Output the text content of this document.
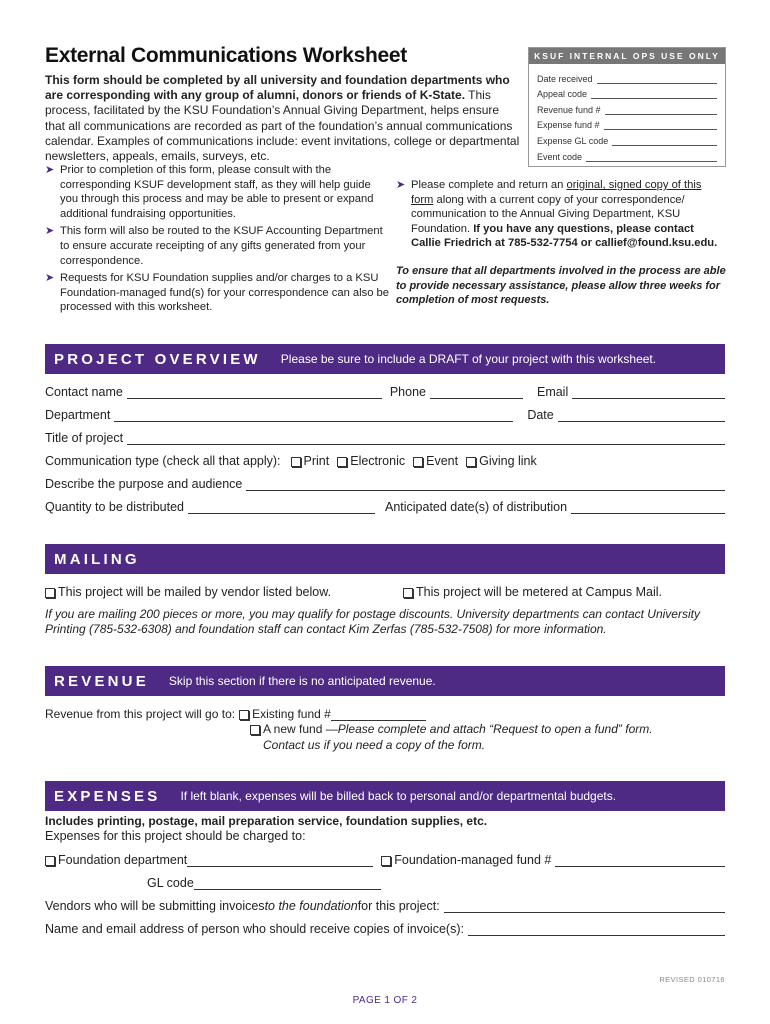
External Communications Worksheet
This form should be completed by all university and foundation departments who are corresponding with any group of alumni, donors or friends of K-State. This process, facilitated by the KSU Foundation’s Annual Giving Department, helps ensure that all communications are recorded as part of the foundation’s annual communications calendar. Examples of communications include: event invitations, college or departmental newsletters, appeals, emails, surveys, etc.
KSUF INTERNAL OPS USE ONLY
Date received
Appeal code
Revenue fund #
Expense fund #
Expense GL code
Event code
➤ Prior to completion of this form, please consult with the corresponding KSUF development staff, as they will help guide you through this process and may be able to present or expand additional fundraising opportunities.
➤ This form will also be routed to the KSUF Accounting Department to ensure accurate receipting of any gifts generated from your correspondence.
➤ Requests for KSU Foundation supplies and/or charges to a KSU Foundation-managed fund(s) for your correspondence can also be processed with this worksheet.
➤ Please complete and return an original, signed copy of this form along with a current copy of your correspondence/ communication to the Annual Giving Department, KSU Foundation. If you have any questions, please contact Callie Friedrich at 785-532-7754 or callief@found.ksu.edu.
To ensure that all departments involved in the process are able to provide necessary assistance, please allow three weeks for completion of most requests.
PROJECT OVERVIEW Please be sure to include a DRAFT of your project with this worksheet.
Contact name	Phone	Email
Department	Date
Title of project
Communication type (check all that apply): Print Electronic Event Giving link
Describe the purpose and audience
Quantity to be distributed	Anticipated date(s) of distribution
MAILING
This project will be mailed by vendor listed below.	This project will be metered at Campus Mail.
If you are mailing 200 pieces or more, you may qualify for postage discounts. University departments can contact University Printing (785-532-6308) and foundation staff can contact Kim Zerfas (785-532-7508) for more information.
REVENUE Skip this section if there is no anticipated revenue.
Revenue from this project will go to: Existing fund #
A new fund — Please complete and attach “Request to open a fund” form.
Contact us if you need a copy of the form.
EXPENSES If left blank, expenses will be billed back to personal and/or departmental budgets.
Includes printing, postage, mail preparation service, foundation supplies, etc.
Expenses for this project should be charged to:
Foundation department	Foundation-managed fund #
GL code
Vendors who will be submitting invoices to the foundation for this project:
Name and email address of person who should receive copies of invoice(s):
REVISED 010716
PAGE 1 OF 2
